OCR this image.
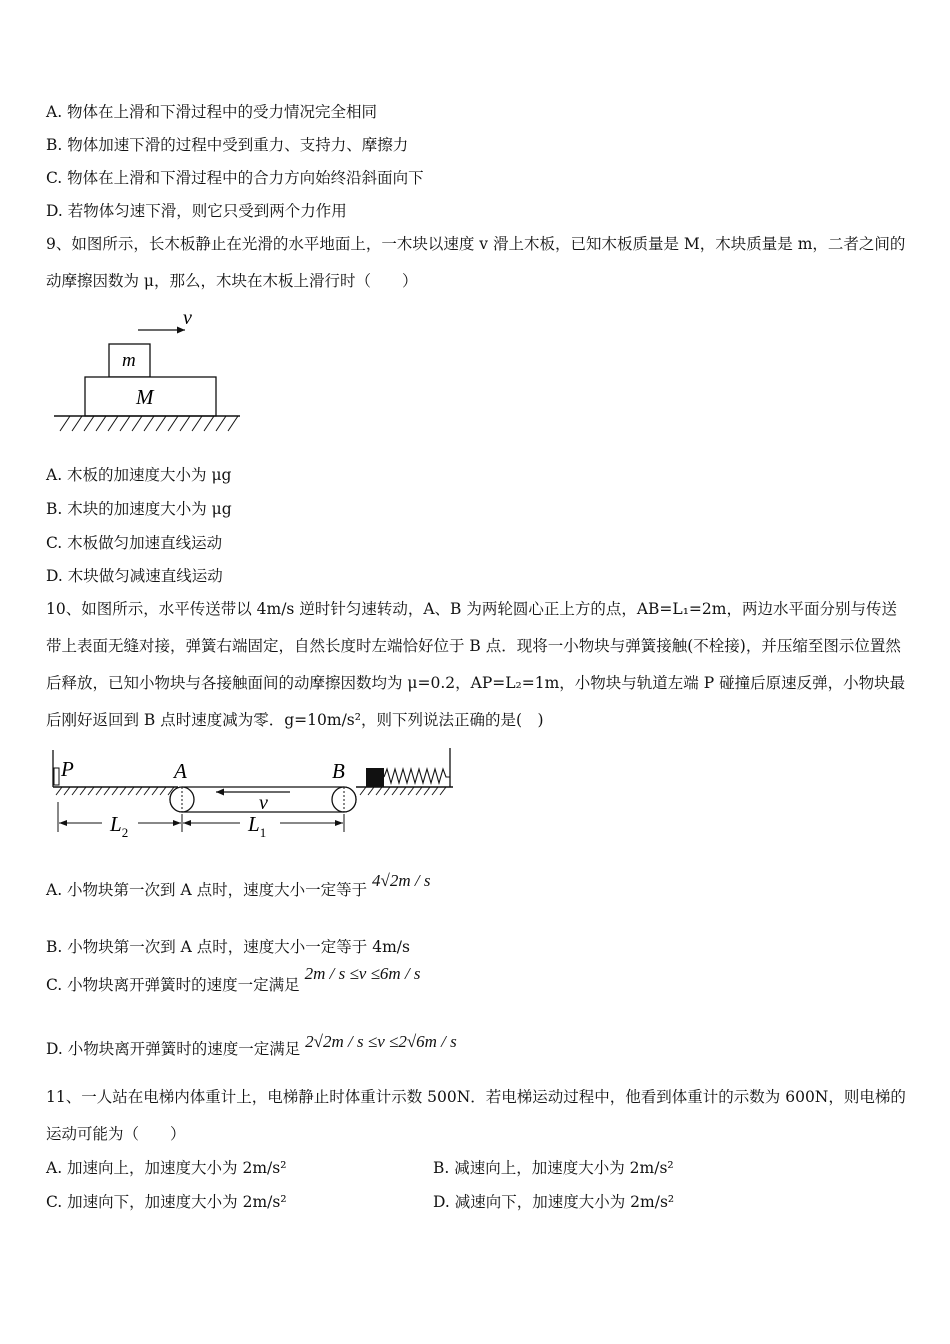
A. 物体在上滑和下滑过程中的受力情况完全相同
B. 物体加速下滑的过程中受到重力、支持力、摩擦力
C. 物体在上滑和下滑过程中的合力方向始终沿斜面向下
D. 若物体匀速下滑，则它只受到两个力作用
9、如图所示，长木板静止在光滑的水平地面上，一木块以速度 v 滑上木板，已知木板质量是 M，木块质量是 m，二者之间的动摩擦因数为 μ，那么，木块在木板上滑行时（　　）
v
m
M
A. 木板的加速度大小为 μg
B. 木块的加速度大小为 μg
C. 木板做匀加速直线运动
D. 木块做匀减速直线运动
10、如图所示，水平传送带以 4m/s 逆时针匀速转动，A、B 为两轮圆心正上方的点，AB=L₁=2m，两边水平面分别与传送带上表面无缝对接，弹簧右端固定，自然长度时左端恰好位于 B 点．现将一小物块与弹簧接触(不栓接)，并压缩至图示位置然后释放，已知小物块与各接触面间的动摩擦因数均为 μ=0.2，AP=L₂=1m，小物块与轨道左端 P 碰撞后原速反弹，小物块最后刚好返回到 B 点时速度减为零．g=10m/s²，则下列说法正确的是(　)
P	A	B
v
$L_2$	$L_1$
A. 小物块第一次到 A 点时，速度大小一定等于 4√2m / s
B. 小物块第一次到 A 点时，速度大小一定等于 4m/s
C. 小物块离开弹簧时的速度一定满足 2m / s ≤v ≤6m / s
D. 小物块离开弹簧时的速度一定满足 2√2m / s ≤v ≤2√6m / s
11、一人站在电梯内体重计上，电梯静止时体重计示数 500N．若电梯运动过程中，他看到体重计的示数为 600N，则电梯的运动可能为（　　）
A. 加速向上，加速度大小为 2m/s²	B. 减速向上，加速度大小为 2m/s²
C. 加速向下，加速度大小为 2m/s²	D. 减速向下，加速度大小为 2m/s²
